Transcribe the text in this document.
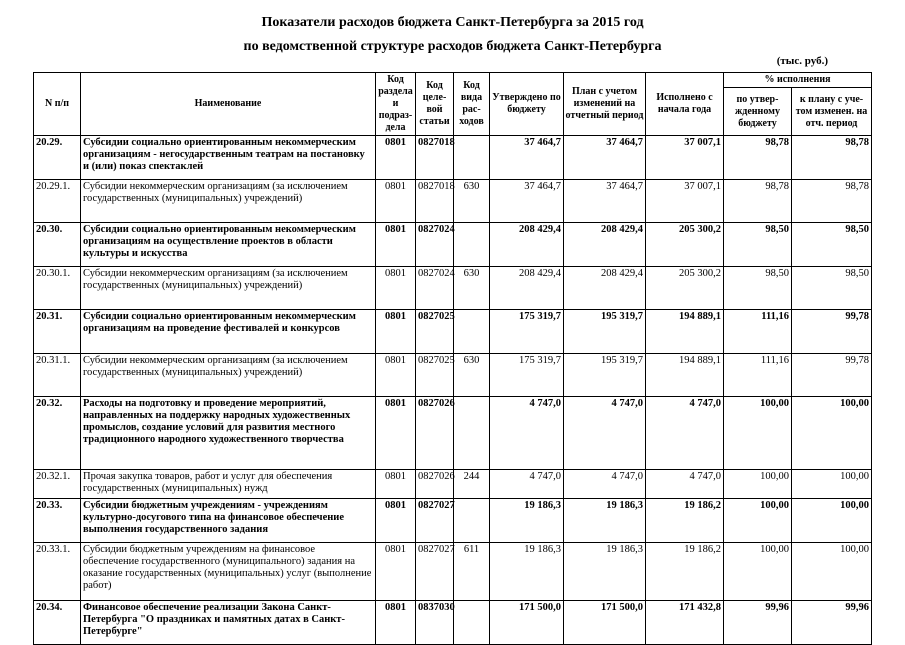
Показатели расходов бюджета Санкт-Петербурга за 2015 год
по ведомственной структуре расходов бюджета Санкт-Петербурга
(тыс. руб.)
N п/п	Наименование	Код раздела и подраз-дела	Код целе-вой статьи	Код вида рас-ходов	Утверждено по бюджету	План с учетом изменений на отчетный период	Исполнено с начала года	% исполнения	
								по утвер-жденному бюджету	к плану с уче-том изменен. на отч. период
20.29.	Субсидии социально ориентированным некоммерческим организациям - негосударственным театрам на постановку и (или) показ спектаклей	0801	0827018		37 464,7	37 464,7	37 007,1	98,78	98,78
20.29.1.	Субсидии некоммерческим организациям (за исключением государственных (муниципальных) учреждений)	0801	0827018	630	37 464,7	37 464,7	37 007,1	98,78	98,78
20.30.	Субсидии социально ориентированным некоммерческим организациям на осуществление проектов в области культуры и искусства	0801	0827024		208 429,4	208 429,4	205 300,2	98,50	98,50
20.30.1.	Субсидии некоммерческим организациям (за исключением государственных (муниципальных) учреждений)	0801	0827024	630	208 429,4	208 429,4	205 300,2	98,50	98,50
20.31.	Субсидии социально ориентированным некоммерческим организациям на проведение фестивалей и конкурсов	0801	0827025		175 319,7	195 319,7	194 889,1	111,16	99,78
20.31.1.	Субсидии некоммерческим организациям (за исключением государственных (муниципальных) учреждений)	0801	0827025	630	175 319,7	195 319,7	194 889,1	111,16	99,78
20.32.	Расходы на подготовку и проведение мероприятий, направленных на поддержку народных художественных промыслов, создание условий для развития местного традиционного народного художественного творчества	0801	0827026		4 747,0	4 747,0	4 747,0	100,00	100,00
20.32.1.	Прочая закупка товаров, работ и услуг для обеспечения государственных (муниципальных) нужд	0801	0827026	244	4 747,0	4 747,0	4 747,0	100,00	100,00
20.33.	Субсидии бюджетным учреждениям - учреждениям культурно-досугового типа на финансовое обеспечение выполнения государственного задания	0801	0827027		19 186,3	19 186,3	19 186,2	100,00	100,00
20.33.1.	Субсидии бюджетным учреждениям на финансовое обеспечение государственного (муниципального) задания на оказание государственных (муниципальных) услуг (выполнение работ)	0801	0827027	611	19 186,3	19 186,3	19 186,2	100,00	100,00
20.34.	Финансовое обеспечение реализации Закона Санкт-Петербурга "О праздниках и памятных датах в Санкт-Петербурге"	0801	0837030		171 500,0	171 500,0	171 432,8	99,96	99,96
